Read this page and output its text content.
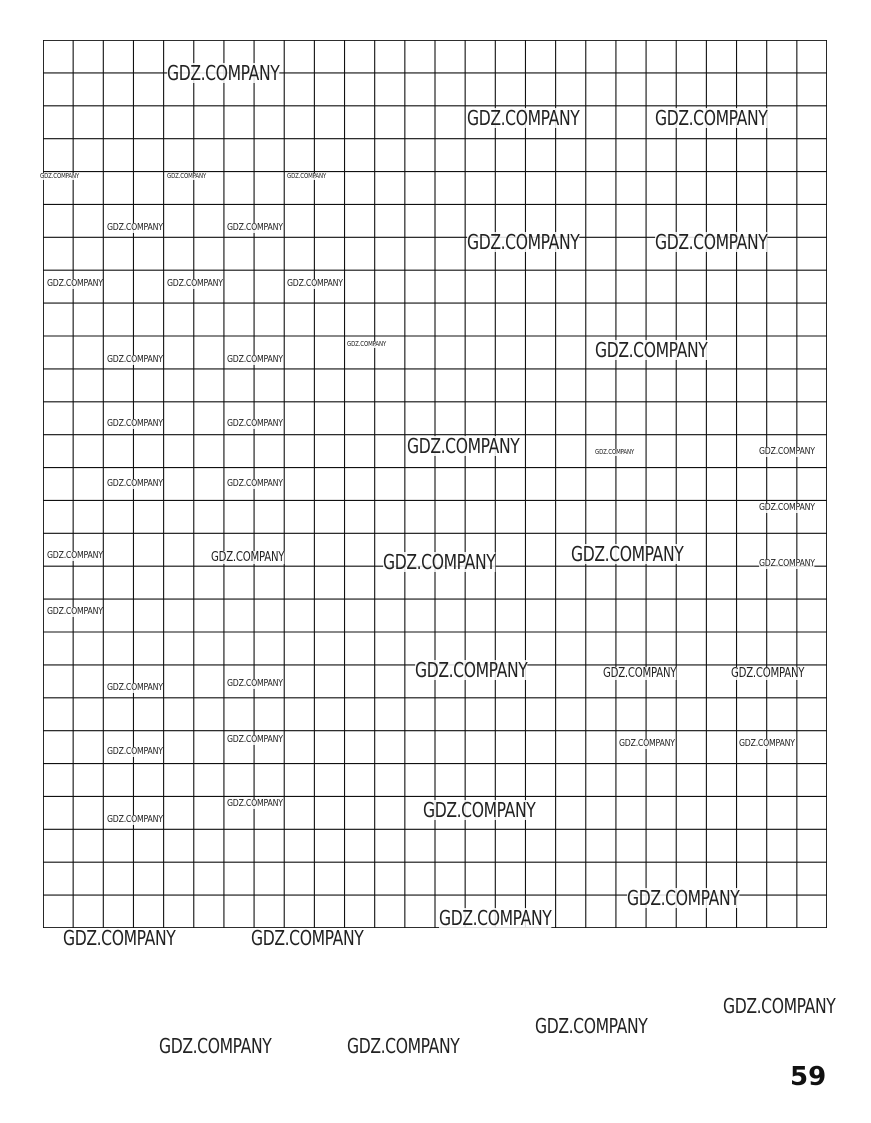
GDZ.COMPANY
GDZ.COMPANY	GDZ.COMPANY
GDZ.COMPANY	GDZ.COMPANY
GDZ.COMPANY
GDZ.COMPANY
GDZ.COMPANY
GDZ.COMPANY
GDZ.COMPANY
GDZ.COMPANY
GDZ.COMPANY
GDZ.COMPANY
GDZ.COMPANY	GDZ.COMPANY
GDZ.COMPANY
GDZ.COMPANY
GDZ.COMPANY	GDZ.COMPANY
GDZ.COMPANY	GDZ.COMPANY
GDZ.COMPANY	GDZ.COMPANY	GDZ.COMPANY
GDZ.COMPANY	GDZ.COMPANY
GDZ.COMPANY	GDZ.COMPANY
GDZ.COMPANY
GDZ.COMPANY	GDZ.COMPANY
GDZ.COMPANY
GDZ.COMPANY	GDZ.COMPANY	GDZ.COMPANY
GDZ.COMPANY
GDZ.COMPANY	GDZ.COMPANY
GDZ.COMPANY
GDZ.COMPANY
GDZ.COMPANY	GDZ.COMPANY	GDZ.COMPANY
GDZ.COMPANY
GDZ.COMPANY
GDZ.COMPANY
GDZ.COMPANY	GDZ.COMPANY	GDZ.COMPANY
GDZ.COMPANY
GDZ.COMPANY
59
